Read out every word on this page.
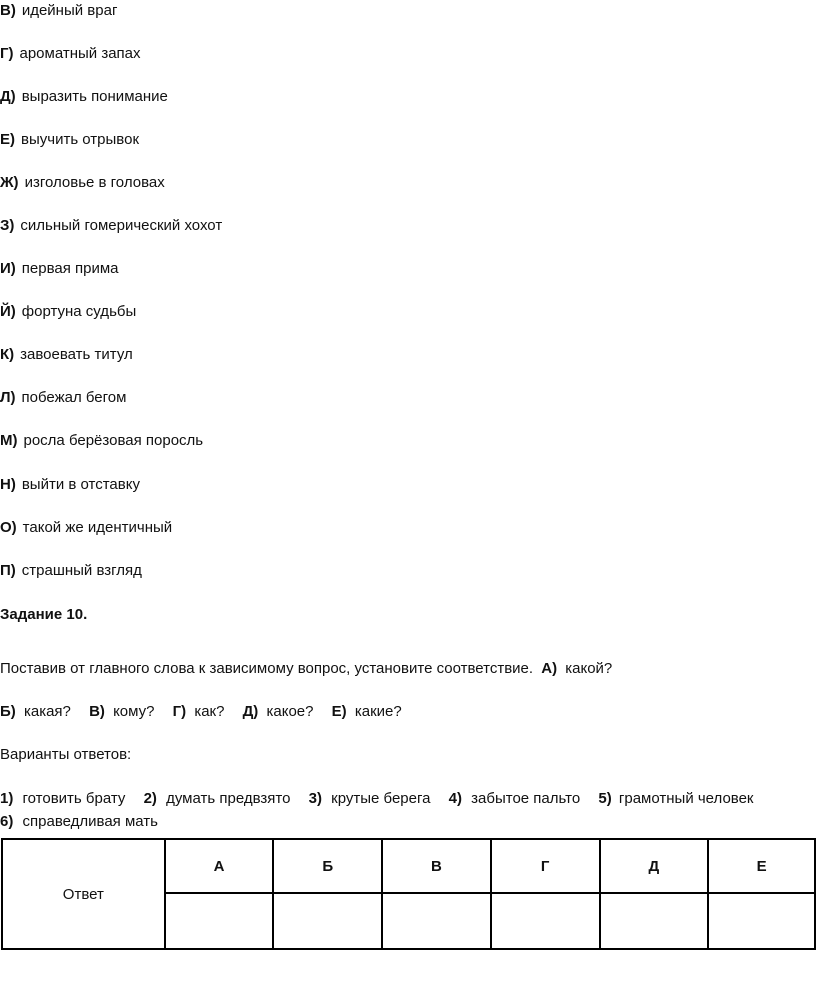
В) идейный враг
Г) ароматный запах
Д) выразить понимание
Е) выучить отрывок
Ж) изголовье в головах
З) сильный гомерический хохот
И) первая прима
Й) фортуна судьбы
К) завоевать титул
Л) побежал бегом
М) росла берёзовая поросль
Н) выйти в отставку
О) такой же идентичный
П) страшный взгляд
Задание 10.
Поставив от главного слова к зависимому вопрос, установите соответствие. А) какой?
Б) какая? В) кому? Г) как? Д) какое? Е) какие?
Варианты ответов:
1) готовить брату 2) думать предвзято 3) крутые берега 4) забытое пальто 5) грамотный человек
6) справедливая мать
Ответ	А	Б	В	Г	Д	Е
